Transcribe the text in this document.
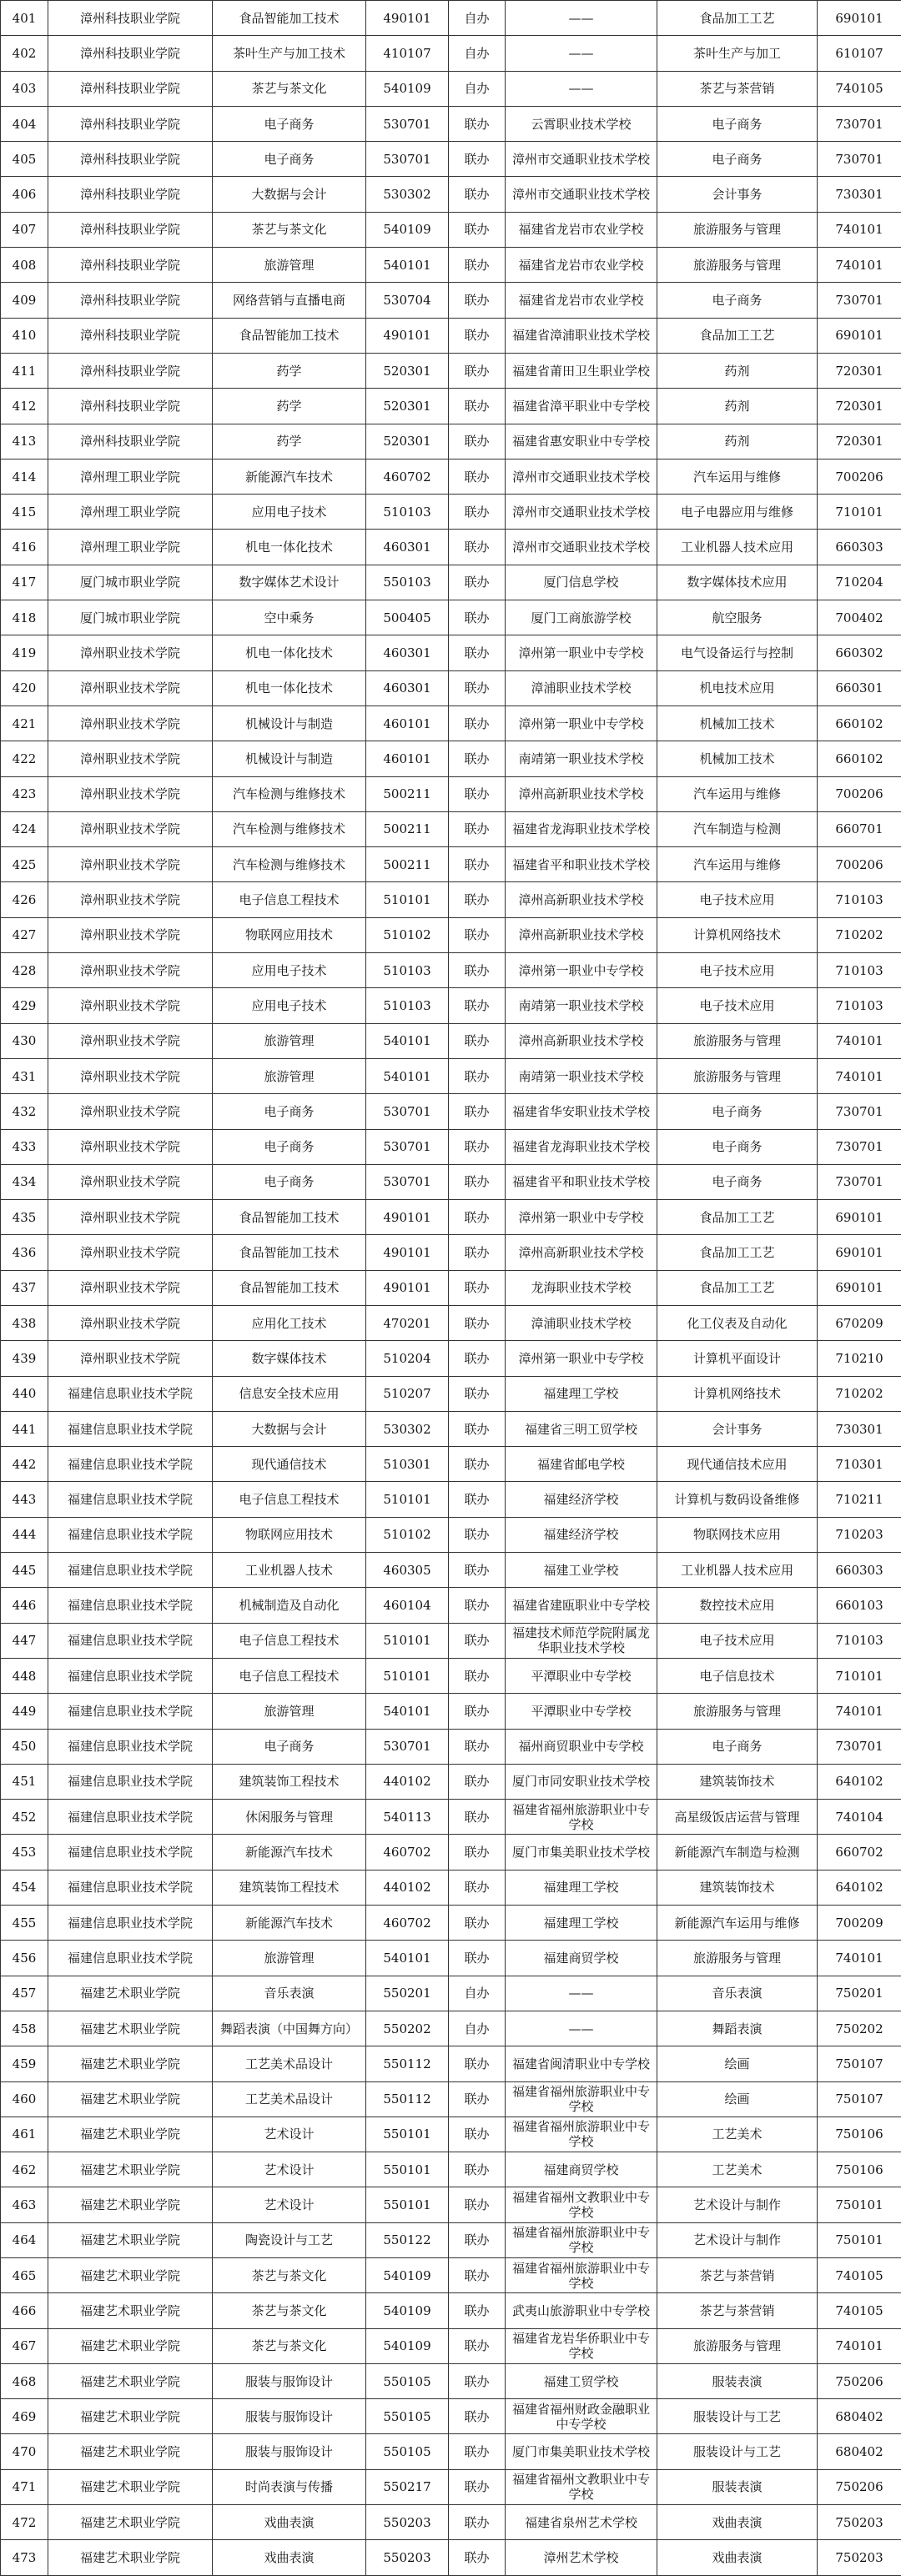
401	漳州科技职业学院	食品智能加工技术	490101	自办	——	食品加工工艺	690101
402	漳州科技职业学院	茶叶生产与加工技术	410107	自办	——	茶叶生产与加工	610107
403	漳州科技职业学院	茶艺与茶文化	540109	自办	——	茶艺与茶营销	740105
404	漳州科技职业学院	电子商务	530701	联办	云霄职业技术学校	电子商务	730701
405	漳州科技职业学院	电子商务	530701	联办	漳州市交通职业技术学校	电子商务	730701
406	漳州科技职业学院	大数据与会计	530302	联办	漳州市交通职业技术学校	会计事务	730301
407	漳州科技职业学院	茶艺与茶文化	540109	联办	福建省龙岩市农业学校	旅游服务与管理	740101
408	漳州科技职业学院	旅游管理	540101	联办	福建省龙岩市农业学校	旅游服务与管理	740101
409	漳州科技职业学院	网络营销与直播电商	530704	联办	福建省龙岩市农业学校	电子商务	730701
410	漳州科技职业学院	食品智能加工技术	490101	联办	福建省漳浦职业技术学校	食品加工工艺	690101
411	漳州科技职业学院	药学	520301	联办	福建省莆田卫生职业学校	药剂	720301
412	漳州科技职业学院	药学	520301	联办	福建省漳平职业中专学校	药剂	720301
413	漳州科技职业学院	药学	520301	联办	福建省惠安职业中专学校	药剂	720301
414	漳州理工职业学院	新能源汽车技术	460702	联办	漳州市交通职业技术学校	汽车运用与维修	700206
415	漳州理工职业学院	应用电子技术	510103	联办	漳州市交通职业技术学校	电子电器应用与维修	710101
416	漳州理工职业学院	机电一体化技术	460301	联办	漳州市交通职业技术学校	工业机器人技术应用	660303
417	厦门城市职业学院	数字媒体艺术设计	550103	联办	厦门信息学校	数字媒体技术应用	710204
418	厦门城市职业学院	空中乘务	500405	联办	厦门工商旅游学校	航空服务	700402
419	漳州职业技术学院	机电一体化技术	460301	联办	漳州第一职业中专学校	电气设备运行与控制	660302
420	漳州职业技术学院	机电一体化技术	460301	联办	漳浦职业技术学校	机电技术应用	660301
421	漳州职业技术学院	机械设计与制造	460101	联办	漳州第一职业中专学校	机械加工技术	660102
422	漳州职业技术学院	机械设计与制造	460101	联办	南靖第一职业技术学校	机械加工技术	660102
423	漳州职业技术学院	汽车检测与维修技术	500211	联办	漳州高新职业技术学校	汽车运用与维修	700206
424	漳州职业技术学院	汽车检测与维修技术	500211	联办	福建省龙海职业技术学校	汽车制造与检测	660701
425	漳州职业技术学院	汽车检测与维修技术	500211	联办	福建省平和职业技术学校	汽车运用与维修	700206
426	漳州职业技术学院	电子信息工程技术	510101	联办	漳州高新职业技术学校	电子技术应用	710103
427	漳州职业技术学院	物联网应用技术	510102	联办	漳州高新职业技术学校	计算机网络技术	710202
428	漳州职业技术学院	应用电子技术	510103	联办	漳州第一职业中专学校	电子技术应用	710103
429	漳州职业技术学院	应用电子技术	510103	联办	南靖第一职业技术学校	电子技术应用	710103
430	漳州职业技术学院	旅游管理	540101	联办	漳州高新职业技术学校	旅游服务与管理	740101
431	漳州职业技术学院	旅游管理	540101	联办	南靖第一职业技术学校	旅游服务与管理	740101
432	漳州职业技术学院	电子商务	530701	联办	福建省华安职业技术学校	电子商务	730701
433	漳州职业技术学院	电子商务	530701	联办	福建省龙海职业技术学校	电子商务	730701
434	漳州职业技术学院	电子商务	530701	联办	福建省平和职业技术学校	电子商务	730701
435	漳州职业技术学院	食品智能加工技术	490101	联办	漳州第一职业中专学校	食品加工工艺	690101
436	漳州职业技术学院	食品智能加工技术	490101	联办	漳州高新职业技术学校	食品加工工艺	690101
437	漳州职业技术学院	食品智能加工技术	490101	联办	龙海职业技术学校	食品加工工艺	690101
438	漳州职业技术学院	应用化工技术	470201	联办	漳浦职业技术学校	化工仪表及自动化	670209
439	漳州职业技术学院	数字媒体技术	510204	联办	漳州第一职业中专学校	计算机平面设计	710210
440	福建信息职业技术学院	信息安全技术应用	510207	联办	福建理工学校	计算机网络技术	710202
441	福建信息职业技术学院	大数据与会计	530302	联办	福建省三明工贸学校	会计事务	730301
442	福建信息职业技术学院	现代通信技术	510301	联办	福建省邮电学校	现代通信技术应用	710301
443	福建信息职业技术学院	电子信息工程技术	510101	联办	福建经济学校	计算机与数码设备维修	710211
444	福建信息职业技术学院	物联网应用技术	510102	联办	福建经济学校	物联网技术应用	710203
445	福建信息职业技术学院	工业机器人技术	460305	联办	福建工业学校	工业机器人技术应用	660303
446	福建信息职业技术学院	机械制造及自动化	460104	联办	福建省建瓯职业中专学校	数控技术应用	660103
447	福建信息职业技术学院	电子信息工程技术	510101	联办	福建技术师范学院附属龙华职业技术学校	电子技术应用	710103
448	福建信息职业技术学院	电子信息工程技术	510101	联办	平潭职业中专学校	电子信息技术	710101
449	福建信息职业技术学院	旅游管理	540101	联办	平潭职业中专学校	旅游服务与管理	740101
450	福建信息职业技术学院	电子商务	530701	联办	福州商贸职业中专学校	电子商务	730701
451	福建信息职业技术学院	建筑装饰工程技术	440102	联办	厦门市同安职业技术学校	建筑装饰技术	640102
452	福建信息职业技术学院	休闲服务与管理	540113	联办	福建省福州旅游职业中专学校	高星级饭店运营与管理	740104
453	福建信息职业技术学院	新能源汽车技术	460702	联办	厦门市集美职业技术学校	新能源汽车制造与检测	660702
454	福建信息职业技术学院	建筑装饰工程技术	440102	联办	福建理工学校	建筑装饰技术	640102
455	福建信息职业技术学院	新能源汽车技术	460702	联办	福建理工学校	新能源汽车运用与维修	700209
456	福建信息职业技术学院	旅游管理	540101	联办	福建商贸学校	旅游服务与管理	740101
457	福建艺术职业学院	音乐表演	550201	自办	——	音乐表演	750201
458	福建艺术职业学院	舞蹈表演（中国舞方向）	550202	自办	——	舞蹈表演	750202
459	福建艺术职业学院	工艺美术品设计	550112	联办	福建省闽清职业中专学校	绘画	750107
460	福建艺术职业学院	工艺美术品设计	550112	联办	福建省福州旅游职业中专学校	绘画	750107
461	福建艺术职业学院	艺术设计	550101	联办	福建省福州旅游职业中专学校	工艺美术	750106
462	福建艺术职业学院	艺术设计	550101	联办	福建商贸学校	工艺美术	750106
463	福建艺术职业学院	艺术设计	550101	联办	福建省福州文教职业中专学校	艺术设计与制作	750101
464	福建艺术职业学院	陶瓷设计与工艺	550122	联办	福建省福州旅游职业中专学校	艺术设计与制作	750101
465	福建艺术职业学院	茶艺与茶文化	540109	联办	福建省福州旅游职业中专学校	茶艺与茶营销	740105
466	福建艺术职业学院	茶艺与茶文化	540109	联办	武夷山旅游职业中专学校	茶艺与茶营销	740105
467	福建艺术职业学院	茶艺与茶文化	540109	联办	福建省龙岩华侨职业中专学校	旅游服务与管理	740101
468	福建艺术职业学院	服装与服饰设计	550105	联办	福建工贸学校	服装表演	750206
469	福建艺术职业学院	服装与服饰设计	550105	联办	福建省福州财政金融职业中专学校	服装设计与工艺	680402
470	福建艺术职业学院	服装与服饰设计	550105	联办	厦门市集美职业技术学校	服装设计与工艺	680402
471	福建艺术职业学院	时尚表演与传播	550217	联办	福建省福州文教职业中专学校	服装表演	750206
472	福建艺术职业学院	戏曲表演	550203	联办	福建省泉州艺术学校	戏曲表演	750203
473	福建艺术职业学院	戏曲表演	550203	联办	漳州艺术学校	戏曲表演	750203
